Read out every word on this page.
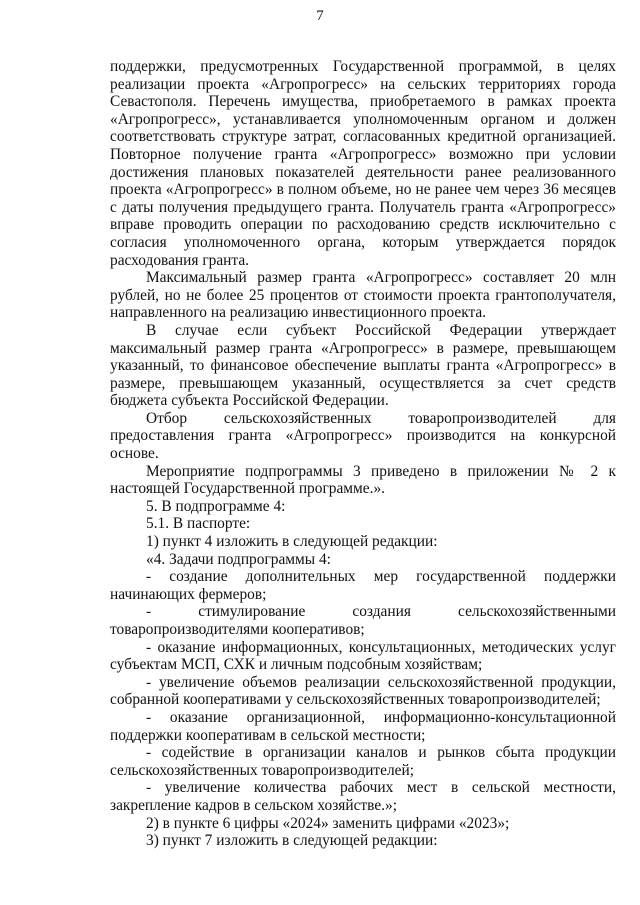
7

поддержки, предусмотренных Государственной программой, в целях реализации проекта «Агропрогресс» на сельских территориях города Севастополя. Перечень имущества, приобретаемого в рамках проекта «Агропрогресс», устанавливается уполномоченным органом и должен соответствовать структуре затрат, согласованных кредитной организацией. Повторное получение гранта «Агропрогресс» возможно при условии достижения плановых показателей деятельности ранее реализованного проекта «Агропрогресс» в полном объеме, но не ранее чем через 36 месяцев с даты получения предыдущего гранта. Получатель гранта «Агропрогресс» вправе проводить операции по расходованию средств исключительно с согласия уполномоченного органа, которым утверждается порядок расходования гранта.

Максимальный размер гранта «Агропрогресс» составляет 20 млн рублей, но не более 25 процентов от стоимости проекта грантополучателя, направленного на реализацию инвестиционного проекта.

В случае если субъект Российской Федерации утверждает максимальный размер гранта «Агропрогресс» в размере, превышающем указанный, то финансовое обеспечение выплаты гранта «Агропрогресс» в размере, превышающем указанный, осуществляется за счет средств бюджета субъекта Российской Федерации.

Отбор сельскохозяйственных товаропроизводителей для предоставления гранта «Агропрогресс» производится на конкурсной основе.

Мероприятие подпрограммы 3 приведено в приложении № 2 к настоящей Государственной программе.».

5. В подпрограмме 4:

5.1. В паспорте:

1) пункт 4 изложить в следующей редакции:

«4. Задачи подпрограммы 4:

- создание дополнительных мер государственной поддержки начинающих фермеров;

- стимулирование создания сельскохозяйственными товаропроизводителями кооперативов;

- оказание информационных, консультационных, методических услуг субъектам МСП, СХК и личным подсобным хозяйствам;

- увеличение объемов реализации сельскохозяйственной продукции, собранной кооперативами у сельскохозяйственных товаропроизводителей;

- оказание организационной, информационно-консультационной поддержки кооперативам в сельской местности;

- содействие в организации каналов и рынков сбыта продукции сельскохозяйственных товаропроизводителей;

- увеличение количества рабочих мест в сельской местности, закрепление кадров в сельском хозяйстве.»;

2) в пункте 6 цифры «2024» заменить цифрами «2023»;

3) пункт 7 изложить в следующей редакции:
